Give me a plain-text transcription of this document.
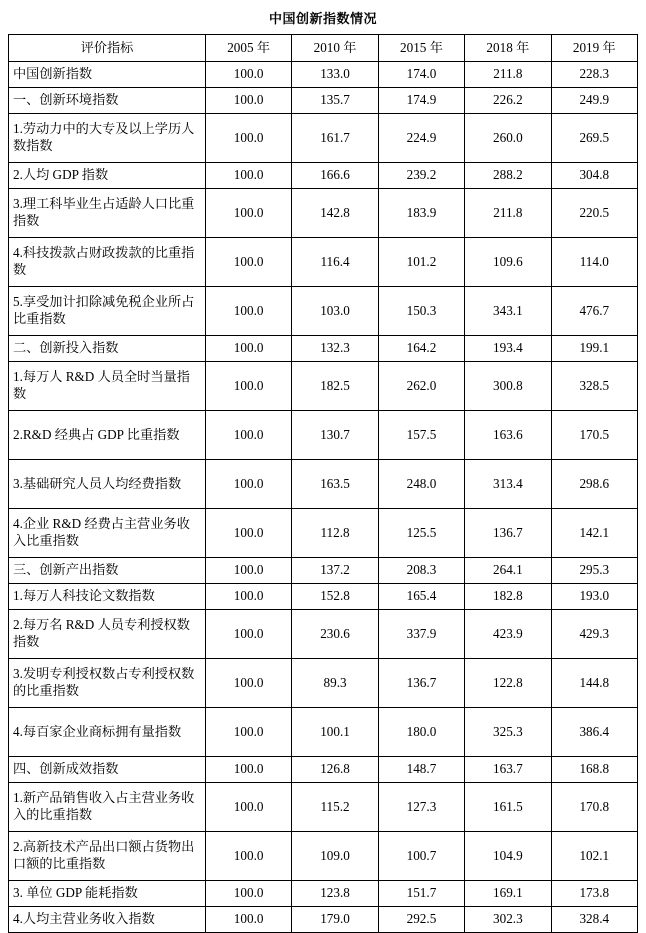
中国创新指数情况
评价指标	2005 年	2010 年	2015 年	2018 年	2019 年
中国创新指数	100.0	133.0	174.0	211.8	228.3
一、创新环境指数	100.0	135.7	174.9	226.2	249.9
1.劳动力中的大专及以上学历人数指数	100.0	161.7	224.9	260.0	269.5
2.人均 GDP 指数	100.0	166.6	239.2	288.2	304.8
3.理工科毕业生占适龄人口比重指数	100.0	142.8	183.9	211.8	220.5
4.科技拨款占财政拨款的比重指数	100.0	116.4	101.2	109.6	114.0
5.享受加计扣除减免税企业所占比重指数	100.0	103.0	150.3	343.1	476.7
二、创新投入指数	100.0	132.3	164.2	193.4	199.1
1.每万人 R&D 人员全时当量指数	100.0	182.5	262.0	300.8	328.5
2.R&D 经典占 GDP 比重指数	100.0	130.7	157.5	163.6	170.5
3.基础研究人员人均经费指数	100.0	163.5	248.0	313.4	298.6
4.企业 R&D 经费占主营业务收入比重指数	100.0	112.8	125.5	136.7	142.1
三、创新产出指数	100.0	137.2	208.3	264.1	295.3
1.每万人科技论文数指数	100.0	152.8	165.4	182.8	193.0
2.每万名 R&D 人员专利授权数指数	100.0	230.6	337.9	423.9	429.3
3.发明专利授权数占专利授权数的比重指数	100.0	89.3	136.7	122.8	144.8
4.每百家企业商标拥有量指数	100.0	100.1	180.0	325.3	386.4
四、创新成效指数	100.0	126.8	148.7	163.7	168.8
1.新产品销售收入占主营业务收入的比重指数	100.0	115.2	127.3	161.5	170.8
2.高新技术产品出口额占货物出口额的比重指数	100.0	109.0	100.7	104.9	102.1
3. 单位 GDP 能耗指数	100.0	123.8	151.7	169.1	173.8
4.人均主营业务收入指数	100.0	179.0	292.5	302.3	328.4
